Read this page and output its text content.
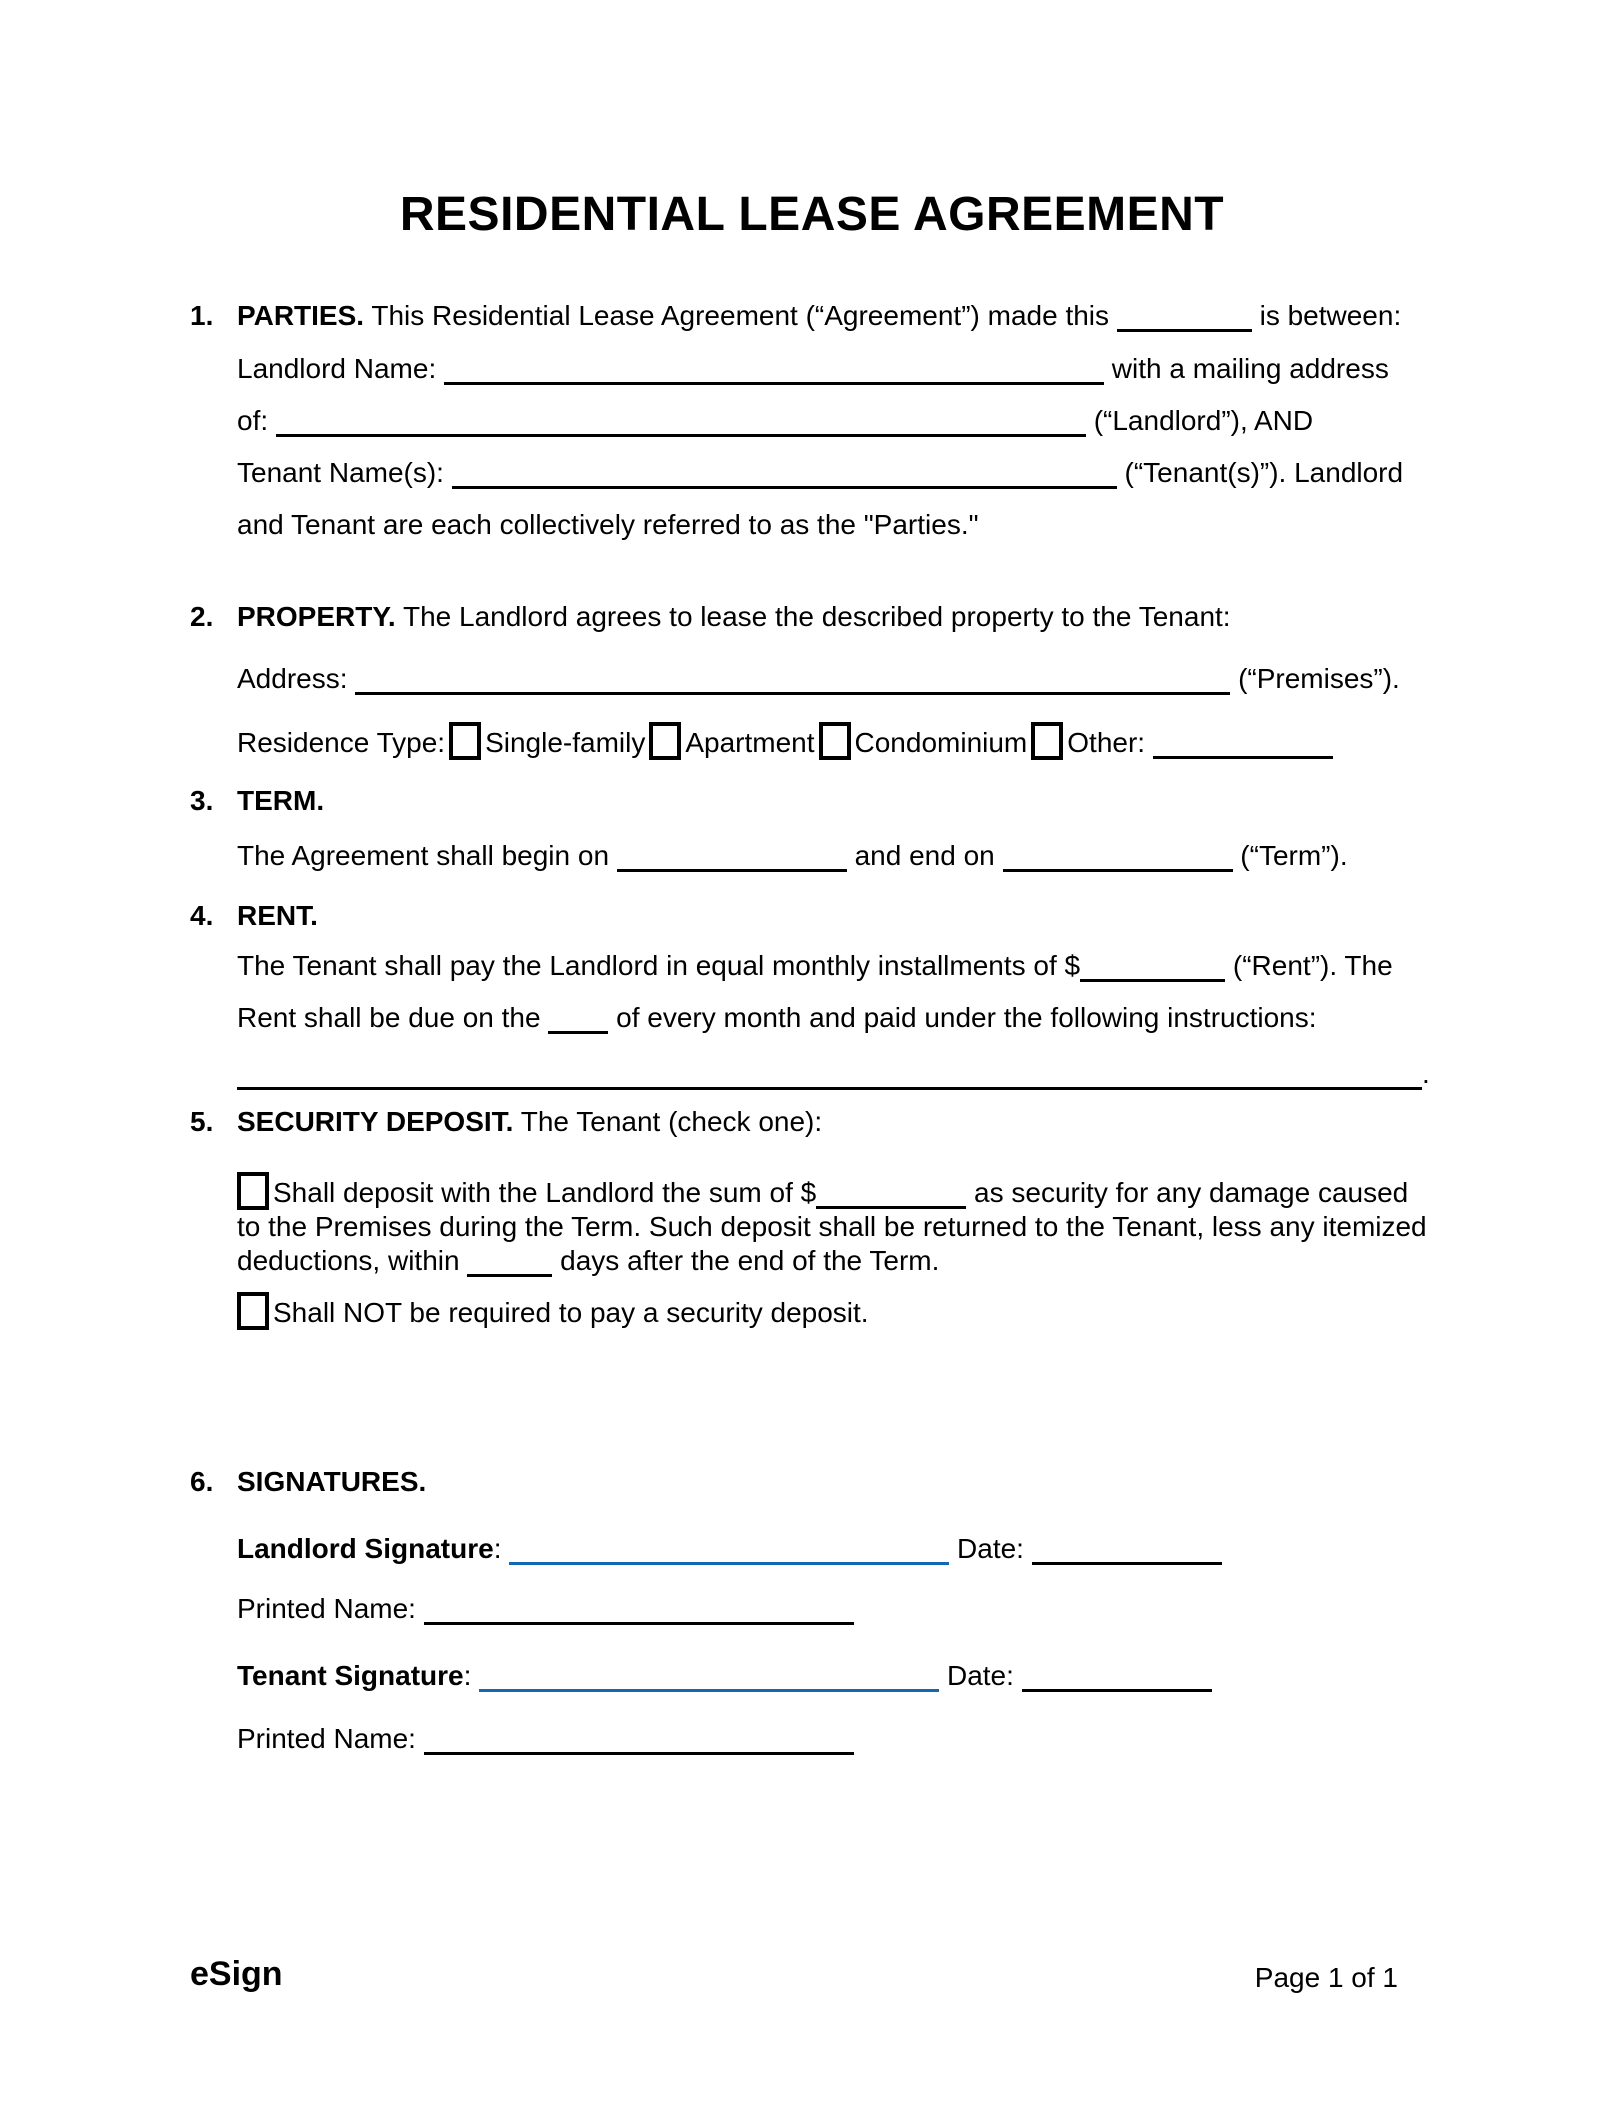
RESIDENTIAL LEASE AGREEMENT
1. PARTIES. This Residential Lease Agreement (“Agreement”) made this	is between:
Landlord Name:	with a mailing address
of:	(“Landlord”), AND
Tenant Name(s):	(“Tenant(s)”). Landlord
and Tenant are each collectively referred to as the "Parties."
2. PROPERTY. The Landlord agrees to lease the described property to the Tenant:
Address:	(“Premises”).
Residence Type: Single-family Apartment Condominium Other:
3. TERM.
The Agreement shall begin on	and end on	(“Term”).
4. RENT.
The Tenant shall pay the Landlord in equal monthly installments of $	(“Rent”). The
Rent shall be due on the	of every month and paid under the following instructions:
.
5. SECURITY DEPOSIT. The Tenant (check one):
Shall deposit with the Landlord the sum of $	as security for any damage caused
to the Premises during the Term. Such deposit shall be returned to the Tenant, less any itemized
deductions, within	days after the end of the Term.
Shall NOT be required to pay a security deposit.
6. SIGNATURES.
Landlord Signature:	Date:
Printed Name:
Tenant Signature:	Date:
Printed Name:
eSign	Page 1 of 1
